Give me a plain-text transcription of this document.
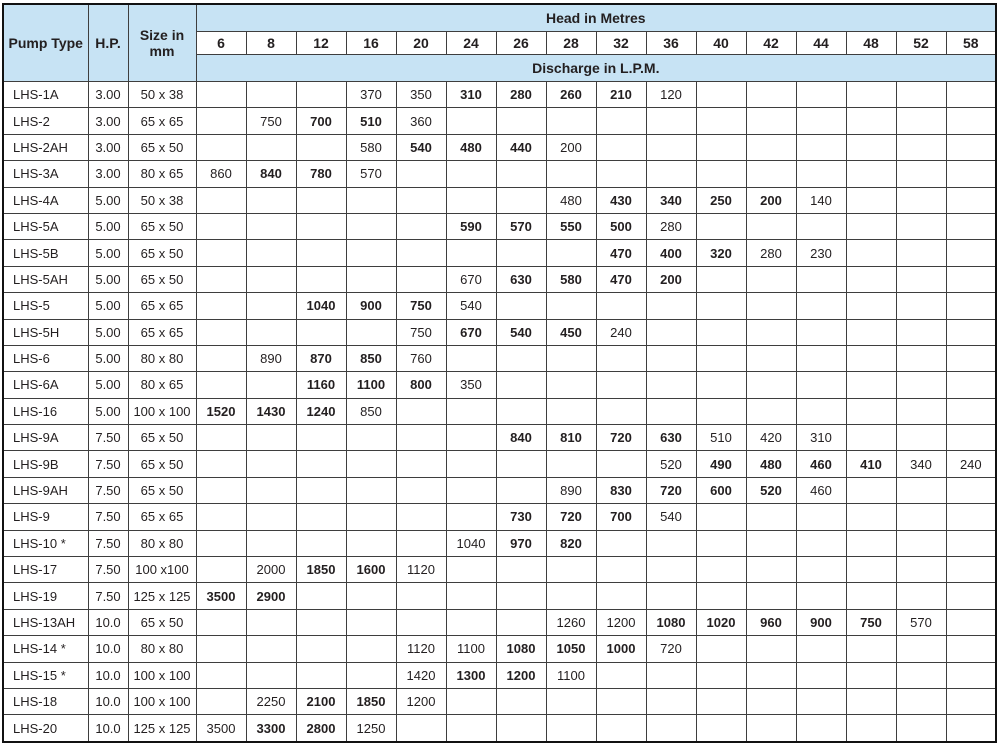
Pump Type	H.P.	Size in mm	Head in Metres															
			6	8	12	16	20	24	26	28	32	36	40	42	44	48	52	58
			Discharge in L.P.M.															
LHS-1A	3.00	50 x 38				370	350	310	280	260	210	120						
LHS-2	3.00	65 x 65		750	700	510	360											
LHS-2AH	3.00	65 x 50				580	540	480	440	200								
LHS-3A	3.00	80 x 65	860	840	780	570												
LHS-4A	5.00	50 x 38								480	430	340	250	200	140			
LHS-5A	5.00	65 x 50						590	570	550	500	280						
LHS-5B	5.00	65 x 50									470	400	320	280	230			
LHS-5AH	5.00	65 x 50						670	630	580	470	200						
LHS-5	5.00	65 x 65			1040	900	750	540										
LHS-5H	5.00	65 x 65					750	670	540	450	240							
LHS-6	5.00	80 x 80		890	870	850	760											
LHS-6A	5.00	80 x 65			1160	1100	800	350										
LHS-16	5.00	100 x 100	1520	1430	1240	850												
LHS-9A	7.50	65 x 50							840	810	720	630	510	420	310			
LHS-9B	7.50	65 x 50										520	490	480	460	410	340	240
LHS-9AH	7.50	65 x 50								890	830	720	600	520	460			
LHS-9	7.50	65 x 65							730	720	700	540						
LHS-10 *	7.50	80 x 80						1040	970	820								
LHS-17	7.50	100 x100		2000	1850	1600	1120											
LHS-19	7.50	125 x 125	3500	2900														
LHS-13AH	10.0	65 x 50								1260	1200	1080	1020	960	900	750	570	
LHS-14 *	10.0	80 x 80					1120	1100	1080	1050	1000	720						
LHS-15 *	10.0	100 x 100					1420	1300	1200	1100								
LHS-18	10.0	100 x 100		2250	2100	1850	1200											
LHS-20	10.0	125 x 125	3500	3300	2800	1250												
